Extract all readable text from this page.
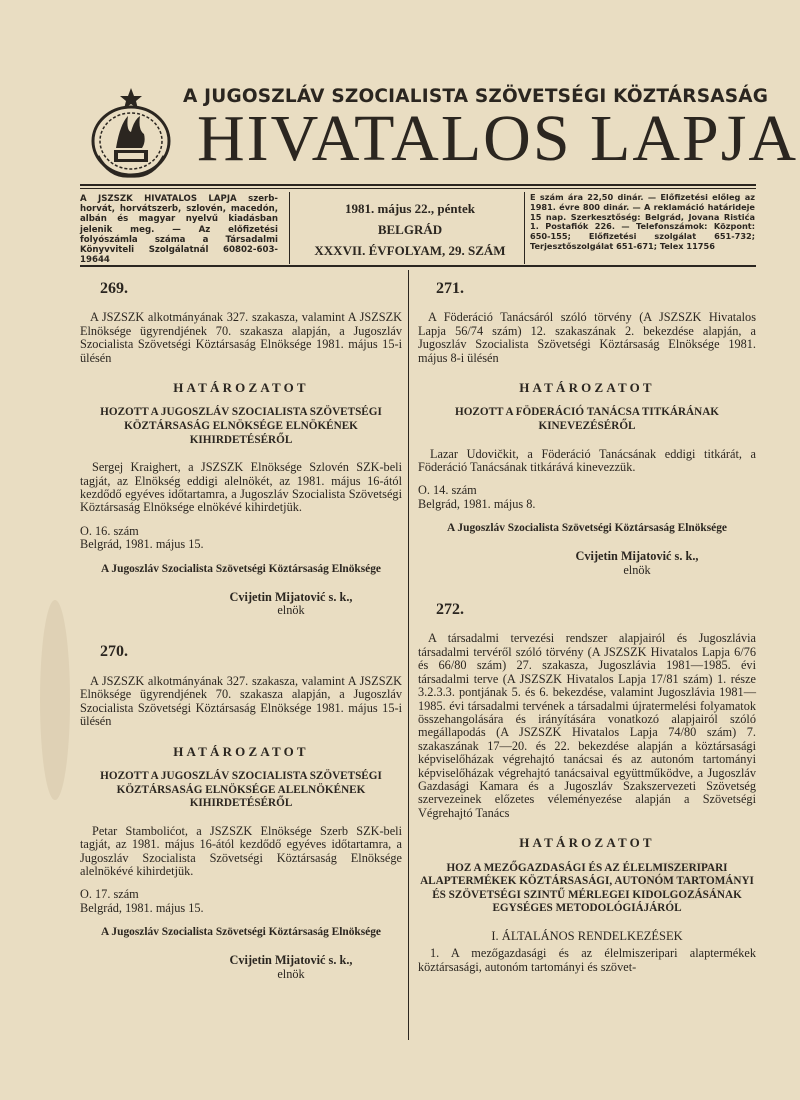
A JUGOSZLÁV SZOCIALISTA SZÖVETSÉGI KÖZTÁRSASÁG
HIVATALOS LAPJA
A JSZSZK HIVATALOS LAPJA szerb-horvát, horvátszerb, szlovén, macedón, albán és magyar nyelvű kiadásban jelenik meg. — Az előfizetési folyószámla száma a Társadalmi Könyvviteli Szolgálatnál 60802-603-19644
1981. május 22., péntek
BELGRÁD
XXXVII. ÉVFOLYAM, 29. SZÁM
E szám ára 22,50 dinár. — Előfizetési előleg az 1981. évre 800 dinár. — A reklamáció határideje 15 nap. Szerkesztőség: Belgrád, Jovana Ristića 1. Postafiók 226. — Telefonszámok: Központ: 650-155; Előfizetési szolgálat 651-732; Terjesztőszolgálat 651-671; Telex 11756
269.

A JSZSZK alkotmányának 327. szakasza, valamint A JSZSZK Elnöksége ügyrendjének 70. szakasza alapján, a Jugoszláv Szocialista Szövetségi Köztársaság Elnöksége 1981. május 15-i ülésén

HATÁROZATOT
HOZOTT A JUGOSZLÁV SZOCIALISTA SZÖVETSÉGI KÖZTÁRSASÁG ELNÖKSÉGE ELNÖKÉNEK KIHIRDETÉSÉRŐL

Sergej Kraighert, a JSZSZK Elnöksége Szlovén SZK-beli tagját, az Elnökség eddigi alelnökét, az 1981. május 16-ától kezdődő egyéves időtartamra, a Jugoszláv Szocialista Szövetségi Köztársaság Elnöksége elnökévé kihirdetjük.

O. 16. szám

Belgrád, 1981. május 15.

A Jugoszláv Szocialista Szövetségi Köztársaság Elnöksége
Cvijetin Mijatović s. k.,
elnök
270.

A JSZSZK alkotmányának 327. szakasza, valamint A JSZSZK Elnöksége ügyrendjének 70. szakasza alapján, a Jugoszláv Szocialista Szövetségi Köztársaság Elnöksége 1981. május 15-i ülésén

HATÁROZATOT
HOZOTT A JUGOSZLÁV SZOCIALISTA SZÖVETSÉGI KÖZTÁRSASÁG ELNÖKSÉGE ALELNÖKÉNEK KIHIRDETÉSÉRŐL

Petar Stambolićot, a JSZSZK Elnöksége Szerb SZK-beli tagját, az 1981. május 16-ától kezdődő egyéves időtartamra, a Jugoszláv Szocialista Szövetségi Köztársaság Elnöksége alelnökévé kihirdetjük.

O. 17. szám

Belgrád, 1981. május 15.

A Jugoszláv Szocialista Szövetségi Köztársaság Elnöksége
Cvijetin Mijatović s. k.,
elnök
271.

A Föderáció Tanácsáról szóló törvény (A JSZSZK Hivatalos Lapja 56/74 szám) 12. szakaszának 2. bekezdése alapján, a Jugoszláv Szocialista Szövetségi Köztársaság Elnöksége 1981. május 8-i ülésén

HATÁROZATOT
HOZOTT A FÖDERÁCIÓ TANÁCSA TITKÁRÁNAK KINEVEZÉSÉRŐL

Lazar Udovičkit, a Föderáció Tanácsának eddigi titkárát, a Föderáció Tanácsának titkárává kinevezzük.

O. 14. szám

Belgrád, 1981. május 8.

A Jugoszláv Szocialista Szövetségi Köztársaság Elnöksége
Cvijetin Mijatović s. k.,
elnök
272.

A társadalmi tervezési rendszer alapjairól és Jugoszlávia társadalmi tervéről szóló törvény (A JSZSZK Hivatalos Lapja 6/76 és 66/80 szám) 27. szakasza, Jugoszlávia 1981—1985. évi társadalmi terve (A JSZSZK Hivatalos Lapja 17/81 szám) 1. része 3.2.3.3. pontjának 5. és 6. bekezdése, valamint Jugoszlávia 1981—1985. évi társadalmi tervének a társadalmi újratermelési folyamatok összehangolására és irányítására vonatkozó alapjairól szóló megállapodás (A JSZSZK Hivatalos Lapja 74/80 szám) 7. szakaszának 17—20. és 22. bekezdése alapján a köztársasági képviselőházak végrehajtó tanácsai és az autonóm tartományi képviselőházak végrehajtó tanácsaival együttműködve, a Jugoszláv Gazdasági Kamara és a Jugoszláv Szakszervezeti Szövetség szervezeinek előzetes véleményezése alapján a Szövetségi Végrehajtó Tanács

HATÁROZATOT
HOZ A MEZŐGAZDASÁGI ÉS AZ ÉLELMISZERIPARI ALAPTERMÉKEK KÖZTÁRSASÁGI, AUTONÓM TARTOMÁNYI ÉS SZÖVETSÉGI SZINTŰ MÉRLEGEI KIDOLGOZÁSÁNAK EGYSÉGES METODOLÓGIÁJÁRÓL
I. ÁLTALÁNOS RENDELKEZÉSEK

1. A mezőgazdasági és az élelmiszeripari alaptermékek köztársasági, autonóm tartományi és szövet-
